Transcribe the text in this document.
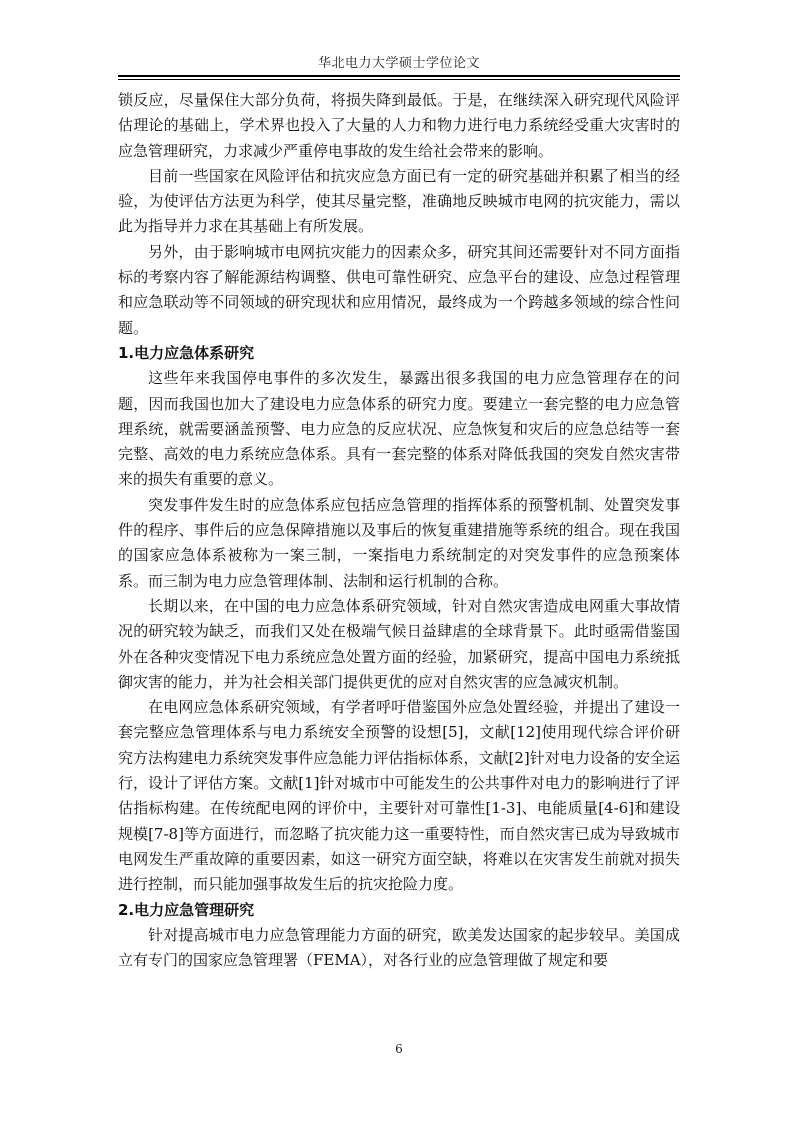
华北电力大学硕士学位论文

锁反应，尽量保住大部分负荷，将损失降到最低。于是，在继续深入研究现代风险评估理论的基础上，学术界也投入了大量的人力和物力进行电力系统经受重大灾害时的应急管理研究，力求减少严重停电事故的发生给社会带来的影响。

目前一些国家在风险评估和抗灾应急方面已有一定的研究基础并积累了相当的经验，为使评估方法更为科学，使其尽量完整，准确地反映城市电网的抗灾能力，需以此为指导并力求在其基础上有所发展。

另外，由于影响城市电网抗灾能力的因素众多，研究其间还需要针对不同方面指标的考察内容了解能源结构调整、供电可靠性研究、应急平台的建设、应急过程管理和应急联动等不同领域的研究现状和应用情况，最终成为一个跨越多领域的综合性问题。

1.电力应急体系研究

这些年来我国停电事件的多次发生，暴露出很多我国的电力应急管理存在的问题，因而我国也加大了建设电力应急体系的研究力度。要建立一套完整的电力应急管理系统，就需要涵盖预警、电力应急的反应状况、应急恢复和灾后的应急总结等一套完整、高效的电力系统应急体系。具有一套完整的体系对降低我国的突发自然灾害带来的损失有重要的意义。

突发事件发生时的应急体系应包括应急管理的指挥体系的预警机制、处置突发事件的程序、事件后的应急保障措施以及事后的恢复重建措施等系统的组合。现在我国的国家应急体系被称为一案三制，一案指电力系统制定的对突发事件的应急预案体系。而三制为电力应急管理体制、法制和运行机制的合称。

长期以来，在中国的电力应急体系研究领域，针对自然灾害造成电网重大事故情况的研究较为缺乏，而我们又处在极端气候日益肆虐的全球背景下。此时亟需借鉴国外在各种灾变情况下电力系统应急处置方面的经验，加紧研究，提高中国电力系统抵御灾害的能力，并为社会相关部门提供更优的应对自然灾害的应急减灾机制。

在电网应急体系研究领域，有学者呼吁借鉴国外应急处置经验，并提出了建设一套完整应急管理体系与电力系统安全预警的设想[5]，文献[12]使用现代综合评价研究方法构建电力系统突发事件应急能力评估指标体系，文献[2]针对电力设备的安全运行，设计了评估方案。文献[1]针对城市中可能发生的公共事件对电力的影响进行了评估指标构建。在传统配电网的评价中，主要针对可靠性[1-3]、电能质量[4-6]和建设规模[7-8]等方面进行，而忽略了抗灾能力这一重要特性，而自然灾害已成为导致城市电网发生严重故障的重要因素，如这一研究方面空缺，将难以在灾害发生前就对损失进行控制，而只能加强事故发生后的抗灾抢险力度。

2.电力应急管理研究

针对提高城市电力应急管理能力方面的研究，欧美发达国家的起步较早。美国成立有专门的国家应急管理署（FEMA），对各行业的应急管理做了规定和要

6
